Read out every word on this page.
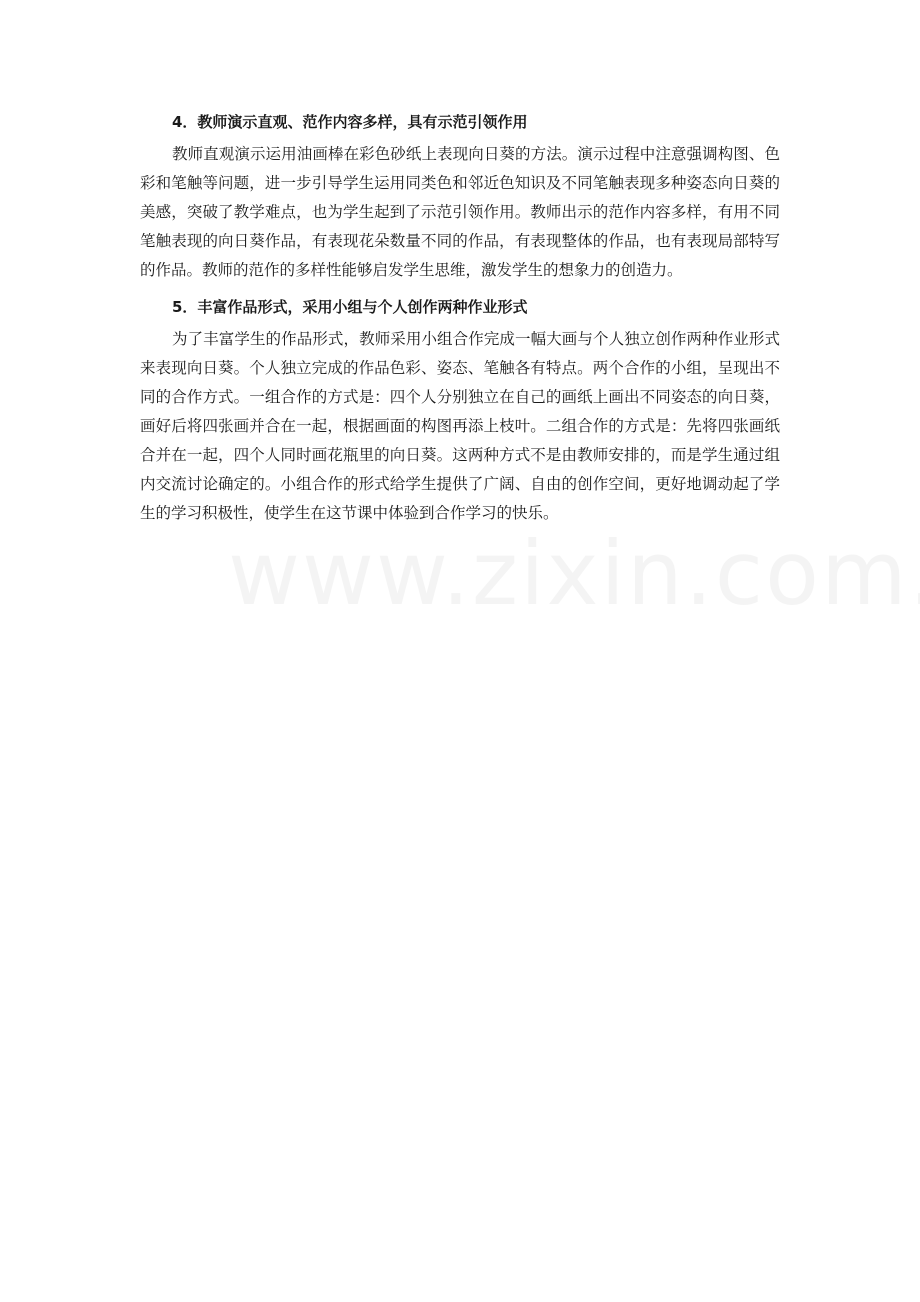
4．教师演示直观、范作内容多样，具有示范引领作用

教师直观演示运用油画棒在彩色砂纸上表现向日葵的方法。演示过程中注意强调构图、色彩和笔触等问题，进一步引导学生运用同类色和邻近色知识及不同笔触表现多种姿态向日葵的美感，突破了教学难点，也为学生起到了示范引领作用。教师出示的范作内容多样，有用不同笔触表现的向日葵作品，有表现花朵数量不同的作品，有表现整体的作品，也有表现局部特写的作品。教师的范作的多样性能够启发学生思维，激发学生的想象力的创造力。

5．丰富作品形式，采用小组与个人创作两种作业形式

为了丰富学生的作品形式，教师采用小组合作完成一幅大画与个人独立创作两种作业形式来表现向日葵。个人独立完成的作品色彩、姿态、笔触各有特点。两个合作的小组，呈现出不同的合作方式。一组合作的方式是：四个人分别独立在自己的画纸上画出不同姿态的向日葵，画好后将四张画并合在一起，根据画面的构图再添上枝叶。二组合作的方式是：先将四张画纸合并在一起，四个人同时画花瓶里的向日葵。这两种方式不是由教师安排的，而是学生通过组内交流讨论确定的。小组合作的形式给学生提供了广阔、自由的创作空间，更好地调动起了学生的学习积极性，使学生在这节课中体验到合作学习的快乐。
